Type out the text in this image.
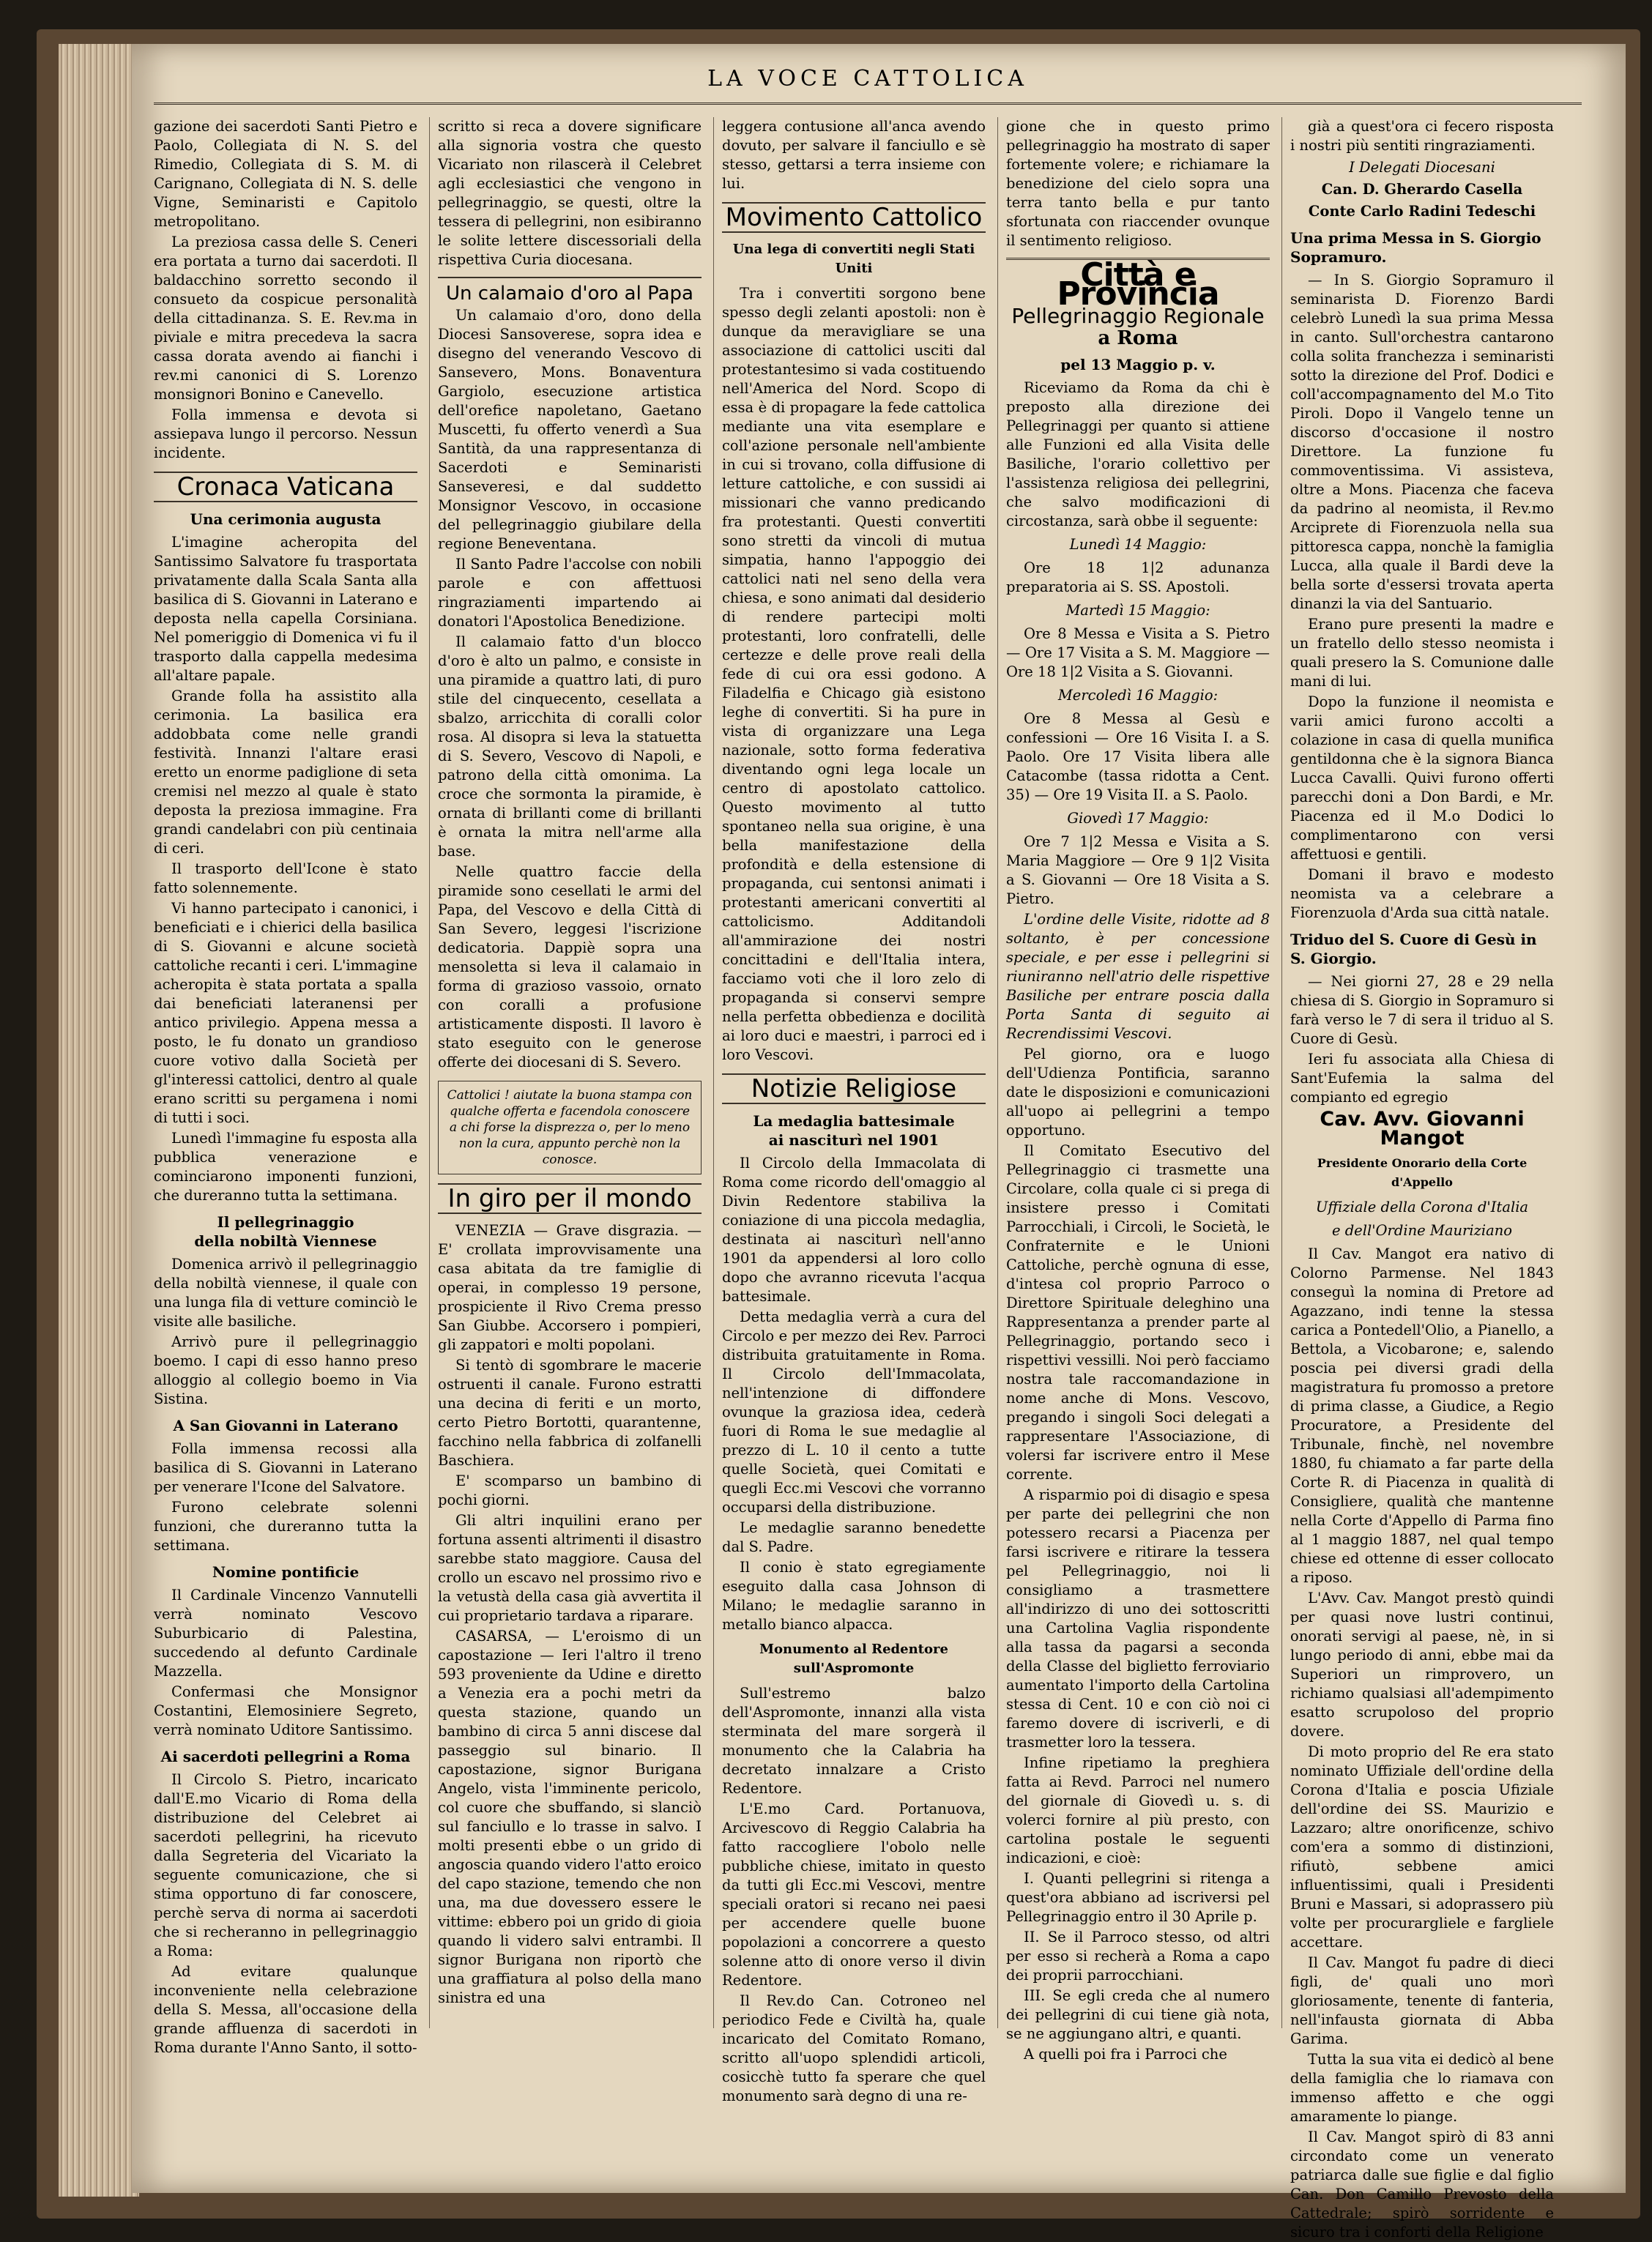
LA VOCE CATTOLICA

gazione dei sacerdoti Santi Pietro e Paolo, Collegiata di N. S. del Rimedio, Collegiata di S. M. di Carignano, Collegiata di N. S. delle Vigne, Seminaristi e Capitolo metropolitano.

La preziosa cassa delle S. Ceneri era portata a turno dai sacerdoti. Il baldacchino sorretto secondo il consueto da cospicue personalità della cittadinanza. S. E. Rev.ma in piviale e mitra precedeva la sacra cassa dorata avendo ai fianchi i rev.mi canonici di S. Lorenzo monsignori Bonino e Canevello.

Folla immensa e devota si assiepava lungo il percorso. Nessun incidente.

Cronaca Vaticana
Una cerimonia augusta

L'imagine acheropita del Santissimo Salvatore fu trasportata privatamente dalla Scala Santa alla basilica di S. Giovanni in Laterano e deposta nella capella Corsiniana. Nel pomeriggio di Domenica vi fu il trasporto dalla cappella medesima all'altare papale.

Grande folla ha assistito alla cerimonia. La basilica era addobbata come nelle grandi festività. Innanzi l'altare erasi eretto un enorme padiglione di seta cremisi nel mezzo al quale è stato deposta la preziosa immagine. Fra grandi candelabri con più centinaia di ceri.

Il trasporto dell'Icone è stato fatto solennemente.

Vi hanno partecipato i canonici, i beneficiati e i chierici della basilica di S. Giovanni e alcune società cattoliche recanti i ceri. L'immagine acheropita è stata portata a spalla dai beneficiati lateranensi per antico privilegio. Appena messa a posto, le fu donato un grandioso cuore votivo dalla Società per gl'interessi cattolici, dentro al quale erano scritti su pergamena i nomi di tutti i soci.

Lunedì l'immagine fu esposta alla pubblica venerazione e cominciarono imponenti funzioni, che dureranno tutta la settimana.

Il pellegrinaggio
della nobiltà Viennese

Domenica arrivò il pellegrinaggio della nobiltà viennese, il quale con una lunga fila di vetture cominciò le visite alle basiliche.

Arrivò pure il pellegrinaggio boemo. I capi di esso hanno preso alloggio al collegio boemo in Via Sistina.

A San Giovanni in Laterano

Folla immensa recossi alla basilica di S. Giovanni in Laterano per venerare l'Icone del Salvatore.

Furono celebrate solenni funzioni, che dureranno tutta la settimana.

Nomine pontificie

Il Cardinale Vincenzo Vannutelli verrà nominato Vescovo Suburbicario di Palestina, succedendo al defunto Cardinale Mazzella.

Confermasi che Monsignor Costantini, Elemosiniere Segreto, verrà nominato Uditore Santissimo.

Ai sacerdoti pellegrini a Roma

Il Circolo S. Pietro, incaricato dall'E.mo Vicario di Roma della distribuzione del Celebret ai sacerdoti pellegrini, ha ricevuto dalla Segreteria del Vicariato la seguente comunicazione, che si stima opportuno di far conoscere, perchè serva di norma ai sacerdoti che si recheranno in pellegrinaggio a Roma:

Ad evitare qualunque inconveniente nella celebrazione della S. Messa, all'occasione della grande affluenza di sacerdoti in Roma durante l'Anno Santo, il sotto-

scritto si reca a dovere significare alla signoria vostra che questo Vicariato non rilascerà il Celebret agli ecclesiastici che vengono in pellegrinaggio, se questi, oltre la tessera di pellegrini, non esibiranno le solite lettere discessoriali della rispettiva Curia diocesana.

Un calamaio d'oro al Papa

Un calamaio d'oro, dono della Diocesi Sansoverese, sopra idea e disegno del venerando Vescovo di Sansevero, Mons. Bonaventura Gargiolo, esecuzione artistica dell'orefice napoletano, Gaetano Muscetti, fu offerto venerdì a Sua Santità, da una rappresentanza di Sacerdoti e Seminaristi Sanseveresi, e dal suddetto Monsignor Vescovo, in occasione del pellegrinaggio giubilare della regione Beneventana.

Il Santo Padre l'accolse con nobili parole e con affettuosi ringraziamenti impartendo ai donatori l'Apostolica Benedizione.

Il calamaio fatto d'un blocco d'oro è alto un palmo, e consiste in una piramide a quattro lati, di puro stile del cinquecento, cesellata a sbalzo, arricchita di coralli color rosa. Al disopra si leva la statuetta di S. Severo, Vescovo di Napoli, e patrono della città omonima. La croce che sormonta la piramide, è ornata di brillanti come di brillanti è ornata la mitra nell'arme alla base.

Nelle quattro faccie della piramide sono cesellati le armi del Papa, del Vescovo e della Città di San Severo, leggesi l'iscrizione dedicatoria. Dappiè sopra una mensoletta si leva il calamaio in forma di grazioso vassoio, ornato con coralli a profusione artisticamente disposti. Il lavoro è stato eseguito con le generose offerte dei diocesani di S. Severo.

Cattolici ! aiutate la buona stampa con qualche offerta e facendola conoscere a chi forse la disprezza o, per lo meno non la cura, appunto perchè non la conosce.
In giro per il mondo

VENEZIA — Grave disgrazia. — E' crollata improvvisamente una casa abitata da tre famiglie di operai, in complesso 19 persone, prospiciente il Rivo Crema presso San Giubbe. Accorsero i pompieri, gli zappatori e molti popolani.

Si tentò di sgombrare le macerie ostruenti il canale. Furono estratti una decina di feriti e un morto, certo Pietro Bortotti, quarantenne, facchino nella fabbrica di zolfanelli Baschiera.

E' scomparso un bambino di pochi giorni.

Gli altri inquilini erano per fortuna assenti altrimenti il disastro sarebbe stato maggiore. Causa del crollo un escavo nel prossimo rivo e la vetustà della casa già avvertita il cui proprietario tardava a riparare.

CASARSA, — L'eroismo di un capostazione — Ieri l'altro il treno 593 proveniente da Udine e diretto a Venezia era a pochi metri da questa stazione, quando un bambino di circa 5 anni discese dal passeggio sul binario. Il capostazione, signor Burigana Angelo, vista l'imminente pericolo, col cuore che sbuffando, si slanciò sul fanciullo e lo trasse in salvo. I molti presenti ebbe o un grido di angoscia quando videro l'atto eroico del capo stazione, temendo che non una, ma due dovessero essere le vittime: ebbero poi un grido di gioia quando li videro salvi entrambi. Il signor Burigana non riportò che una graffiatura al polso della mano sinistra ed una

leggera contusione all'anca avendo dovuto, per salvare il fanciullo e sè stesso, gettarsi a terra insieme con lui.

Movimento Cattolico
Una lega di convertiti negli Stati Uniti

Tra i convertiti sorgono bene spesso degli zelanti apostoli: non è dunque da meravigliare se una associazione di cattolici usciti dal protestantesimo si vada costituendo nell'America del Nord. Scopo di essa è di propagare la fede cattolica mediante una vita esemplare e coll'azione personale nell'ambiente in cui si trovano, colla diffusione di letture cattoliche, e con sussidi ai missionari che vanno predicando fra protestanti. Questi convertiti sono stretti da vincoli di mutua simpatia, hanno l'appoggio dei cattolici nati nel seno della vera chiesa, e sono animati dal desiderio di rendere partecipi molti protestanti, loro confratelli, delle certezze e delle prove reali della fede di cui ora essi godono. A Filadelfia e Chicago già esistono leghe di convertiti. Si ha pure in vista di organizzare una Lega nazionale, sotto forma federativa diventando ogni lega locale un centro di apostolato cattolico. Questo movimento al tutto spontaneo nella sua origine, è una bella manifestazione della profondità e della estensione di propaganda, cui sentonsi animati i protestanti americani convertiti al cattolicismo. Additandoli all'ammirazione dei nostri concittadini e dell'Italia intera, facciamo voti che il loro zelo di propaganda si conservi sempre nella perfetta obbedienza e docilità ai loro duci e maestri, i parroci ed i loro Vescovi.

Notizie Religiose
La medaglia battesimale
ai nasciturì nel 1901

Il Circolo della Immacolata di Roma come ricordo dell'omaggio al Divin Redentore stabiliva la coniazione di una piccola medaglia, destinata ai nasciturì nell'anno 1901 da appendersi al loro collo dopo che avranno ricevuta l'acqua battesimale.

Detta medaglia verrà a cura del Circolo e per mezzo dei Rev. Parroci distribuita gratuitamente in Roma. Il Circolo dell'Immacolata, nell'intenzione di diffondere ovunque la graziosa idea, cederà fuori di Roma le sue medaglie al prezzo di L. 10 il cento a tutte quelle Società, quei Comitati e quegli Ecc.mi Vescovi che vorranno occuparsi della distribuzione.

Le medaglie saranno benedette dal S. Padre.

Il conio è stato egregiamente eseguito dalla casa Johnson di Milano; le medaglie saranno in metallo bianco alpacca.

Monumento al Redentore sull'Aspromonte

Sull'estremo balzo dell'Aspromonte, innanzi alla vista sterminata del mare sorgerà il monumento che la Calabria ha decretato innalzare a Cristo Redentore.

L'E.mo Card. Portanuova, Arcivescovo di Reggio Calabria ha fatto raccogliere l'obolo nelle pubbliche chiese, imitato in questo da tutti gli Ecc.mi Vescovi, mentre speciali oratori si recano nei paesi per accendere quelle buone popolazioni a concorrere a questo solenne atto di onore verso il divin Redentore.

Il Rev.do Can. Cotroneo nel periodico Fede e Civiltà ha, quale incaricato del Comitato Romano, scritto all'uopo splendidi articoli, cosicchè tutto fa sperare che quel monumento sarà degno di una re-

gione che in questo primo pellegrinaggio ha mostrato di saper fortemente volere; e richiamare la benedizione del cielo sopra una terra tanto bella e pur tanto sfortunata con riaccender ovunque il sentimento religioso.

Città e Provincia
Pellegrinaggio Regionale
a Roma
pel 13 Maggio p. v.

Riceviamo da Roma da chi è preposto alla direzione dei Pellegrinaggi per quanto si attiene alle Funzioni ed alla Visita delle Basiliche, l'orario collettivo per l'assistenza religiosa dei pellegrini, che salvo modificazioni di circostanza, sarà obbe il seguente:

Lunedì 14 Maggio:

Ore 18 1|2 adunanza preparatoria ai S. SS. Apostoli.

Martedì 15 Maggio:

Ore 8 Messa e Visita a S. Pietro — Ore 17 Visita a S. M. Maggiore — Ore 18 1|2 Visita a S. Giovanni.

Mercoledì 16 Maggio:

Ore 8 Messa al Gesù e confessioni — Ore 16 Visita I. a S. Paolo. Ore 17 Visita libera alle Catacombe (tassa ridotta a Cent. 35) — Ore 19 Visita II. a S. Paolo.

Giovedì 17 Maggio:

Ore 7 1|2 Messa e Visita a S. Maria Maggiore — Ore 9 1|2 Visita a S. Giovanni — Ore 18 Visita a S. Pietro.

L'ordine delle Visite, ridotte ad 8 soltanto, è per concessione speciale, e per esse i pellegrini si riuniranno nell'atrio delle rispettive Basiliche per entrare poscia dalla Porta Santa di seguito ai Recrendissimi Vescovi.

Pel giorno, ora e luogo dell'Udienza Pontificia, saranno date le disposizioni e comunicazioni all'uopo ai pellegrini a tempo opportuno.

Il Comitato Esecutivo del Pellegrinaggio ci trasmette una Circolare, colla quale ci si prega di insistere presso i Comitati Parrocchiali, i Circoli, le Società, le Confraternite e le Unioni Cattoliche, perchè ognuna di esse, d'intesa col proprio Parroco o Direttore Spirituale deleghino una Rappresentanza a prender parte al Pellegrinaggio, portando seco i rispettivi vessilli. Noi però facciamo nostra tale raccomandazione in nome anche di Mons. Vescovo, pregando i singoli Soci delegati a rappresentare l'Associazione, di volersi far iscrivere entro il Mese corrente.

A risparmio poi di disagio e spesa per parte dei pellegrini che non potessero recarsi a Piacenza per farsi iscrivere e ritirare la tessera pel Pellegrinaggio, noi li consigliamo a trasmettere all'indirizzo di uno dei sottoscritti una Cartolina Vaglia rispondente alla tassa da pagarsi a seconda della Classe del biglietto ferroviario aumentato l'importo della Cartolina stessa di Cent. 10 e con ciò noi ci faremo dovere di iscriverli, e di trasmetter loro la tessera.

Infine ripetiamo la preghiera fatta ai Revd. Parroci nel numero del giornale di Giovedì u. s. di volerci fornire al più presto, con cartolina postale le seguenti indicazioni, e cioè:

I. Quanti pellegrini si ritenga a quest'ora abbiano ad iscriversi pel Pellegrinaggio entro il 30 Aprile p.

II. Se il Parroco stesso, od altri per esso si recherà a Roma a capo dei proprii parrocchiani.

III. Se egli creda che al numero dei pellegrini di cui tiene già nota, se ne aggiungano altri, e quanti.

A quelli poi fra i Parroci che

già a quest'ora ci fecero risposta i nostri più sentiti ringraziamenti.

I Delegati Diocesani
Can. D. Gherardo Casella
Conte Carlo Radini Tedeschi
Una prima Messa in S. Giorgio Sopramuro.

— In S. Giorgio Sopramuro il seminarista D. Fiorenzo Bardi celebrò Lunedì la sua prima Messa in canto. Sull'orchestra cantarono colla solita franchezza i seminaristi sotto la direzione del Prof. Dodici e coll'accompagnamento del M.o Tito Piroli. Dopo il Vangelo tenne un discorso d'occasione il nostro Direttore. La funzione fu commoventissima. Vi assisteva, oltre a Mons. Piacenza che faceva da padrino al neomista, il Rev.mo Arciprete di Fiorenzuola nella sua pittoresca cappa, nonchè la famiglia Lucca, alla quale il Bardi deve la bella sorte d'essersi trovata aperta dinanzi la via del Santuario.

Erano pure presenti la madre e un fratello dello stesso neomista i quali presero la S. Comunione dalle mani di lui.

Dopo la funzione il neomista e varii amici furono accolti a colazione in casa di quella munifica gentildonna che è la signora Bianca Lucca Cavalli. Quivi furono offerti parecchi doni a Don Bardi, e Mr. Piacenza ed il M.o Dodici lo complimentarono con versi affettuosi e gentili.

Domani il bravo e modesto neomista va a celebrare a Fiorenzuola d'Arda sua città natale.

Triduo del S. Cuore di Gesù in S. Giorgio.

— Nei giorni 27, 28 e 29 nella chiesa di S. Giorgio in Sopramuro si farà verso le 7 di sera il triduo al S. Cuore di Gesù.

Ieri fu associata alla Chiesa di Sant'Eufemia la salma del compianto ed egregio

Cav. Avv. Giovanni Mangot
Presidente Onorario della Corte d'Appello
Uffiziale della Corona d'Italia
e dell'Ordine Mauriziano

Il Cav. Mangot era nativo di Colorno Parmense. Nel 1843 conseguì la nomina di Pretore ad Agazzano, indi tenne la stessa carica a Pontedell'Olio, a Pianello, a Bettola, a Vicobarone; e, salendo poscia pei diversi gradi della magistratura fu promosso a pretore di prima classe, a Giudice, a Regio Procuratore, a Presidente del Tribunale, finchè, nel novembre 1880, fu chiamato a far parte della Corte R. di Piacenza in qualità di Consigliere, qualità che mantenne nella Corte d'Appello di Parma fino al 1 maggio 1887, nel qual tempo chiese ed ottenne di esser collocato a riposo.

L'Avv. Cav. Mangot prestò quindi per quasi nove lustri continui, onorati servigi al paese, nè, in si lungo periodo di anni, ebbe mai da Superiori un rimprovero, un richiamo qualsiasi all'adempimento esatto scrupoloso del proprio dovere.

Di moto proprio del Re era stato nominato Uffiziale dell'ordine della Corona d'Italia e poscia Ufiziale dell'ordine dei SS. Maurizio e Lazzaro; altre onorificenze, schivo com'era a sommo di distinzioni, rifiutò, sebbene amici influentissimi, quali i Presidenti Bruni e Massari, si adoprassero più volte per procurargliele e fargliele accettare.

Il Cav. Mangot fu padre di dieci figli, de' quali uno morì gloriosamente, tenente di fanteria, nell'infausta giornata di Abba Garima.

Tutta la sua vita ei dedicò al bene della famiglia che lo riamava con immenso affetto e che oggi amaramente lo piange.

Il Cav. Mangot spirò di 83 anni circondato come un venerato patriarca dalle sue figlie e dal figlio Can. Don Camillo Prevosto della Cattedrale; spirò sorridente e sicuro tra i conforti della Religione
